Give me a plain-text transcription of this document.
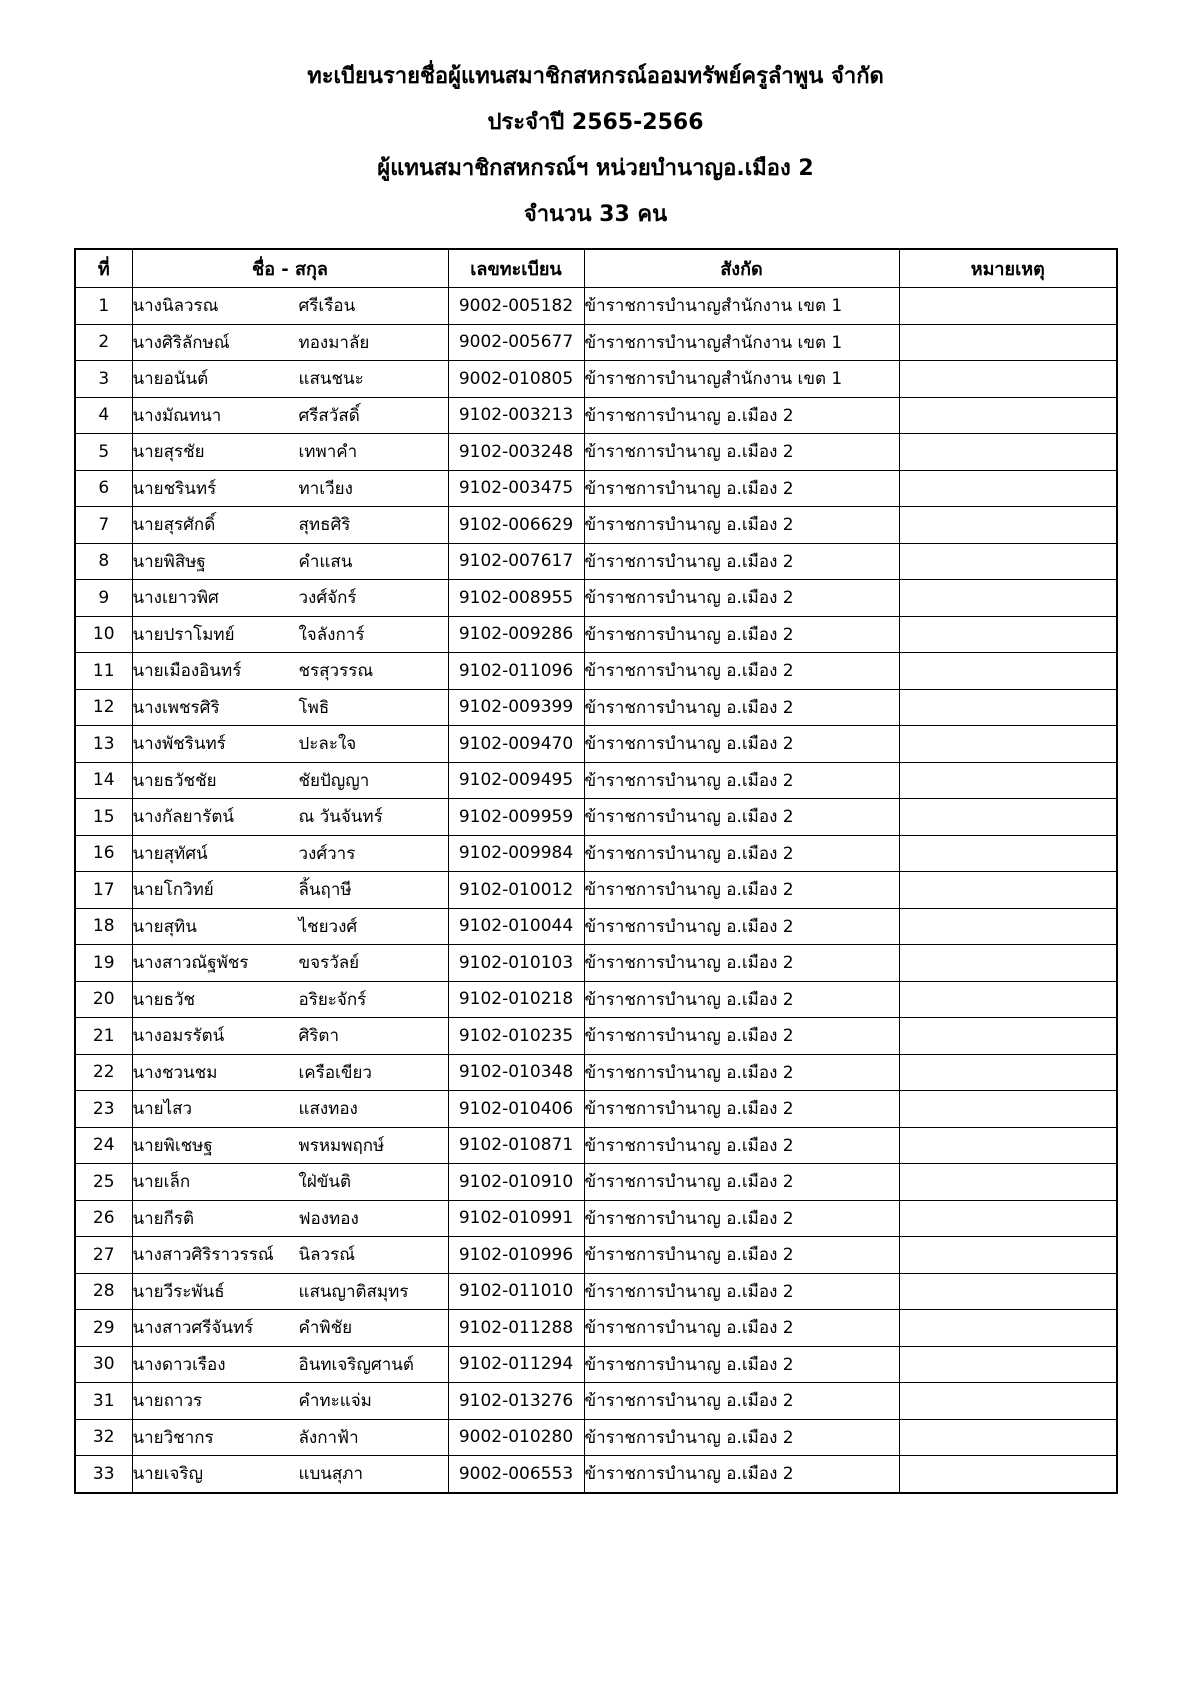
ทะเบียนรายชื่อผู้แทนสมาชิกสหกรณ์ออมทรัพย์ครูลำพูน จำกัด
ประจำปี 2565-2566
ผู้แทนสมาชิกสหกรณ์ฯ หน่วยบำนาญอ.เมือง 2
จำนวน 33 คน
ที่	ชื่อ - สกุล	เลขทะเบียน	สังกัด	หมายเหตุ
1	นางนิลวรณ ศรีเรือน	9002-005182	ข้าราชการบำนาญสำนักงาน เขต 1	
2	นางศิริลักษณ์ ทองมาลัย	9002-005677	ข้าราชการบำนาญสำนักงาน เขต 1	
3	นายอนันต์ แสนชนะ	9002-010805	ข้าราชการบำนาญสำนักงาน เขต 1	
4	นางมัณทนา ศรีสวัสดิ์	9102-003213	ข้าราชการบำนาญ อ.เมือง 2	
5	นายสุรชัย เทพาคำ	9102-003248	ข้าราชการบำนาญ อ.เมือง 2	
6	นายชรินทร์ ทาเวียง	9102-003475	ข้าราชการบำนาญ อ.เมือง 2	
7	นายสุรศักดิ์ สุทธศิริ	9102-006629	ข้าราชการบำนาญ อ.เมือง 2	
8	นายพิสิษฐ คำแสน	9102-007617	ข้าราชการบำนาญ อ.เมือง 2	
9	นางเยาวพิศ วงศ์จักร์	9102-008955	ข้าราชการบำนาญ อ.เมือง 2	
10	นายปราโมทย์ ใจลังการ์	9102-009286	ข้าราชการบำนาญ อ.เมือง 2	
11	นายเมืองอินทร์ ชรสุวรรณ	9102-011096	ข้าราชการบำนาญ อ.เมือง 2	
12	นางเพชรศิริ โพธิ	9102-009399	ข้าราชการบำนาญ อ.เมือง 2	
13	นางพัชรินทร์ ปะละใจ	9102-009470	ข้าราชการบำนาญ อ.เมือง 2	
14	นายธวัชชัย ชัยปัญญา	9102-009495	ข้าราชการบำนาญ อ.เมือง 2	
15	นางกัลยารัตน์ ณ วันจันทร์	9102-009959	ข้าราชการบำนาญ อ.เมือง 2	
16	นายสุทัศน์ วงศ์วาร	9102-009984	ข้าราชการบำนาญ อ.เมือง 2	
17	นายโกวิทย์ ลิ้นฤาษี	9102-010012	ข้าราชการบำนาญ อ.เมือง 2	
18	นายสุทิน ไชยวงศ์	9102-010044	ข้าราชการบำนาญ อ.เมือง 2	
19	นางสาวณัฐพัชร ขจรวัลย์	9102-010103	ข้าราชการบำนาญ อ.เมือง 2	
20	นายธวัช อริยะจักร์	9102-010218	ข้าราชการบำนาญ อ.เมือง 2	
21	นางอมรรัตน์ ศิริตา	9102-010235	ข้าราชการบำนาญ อ.เมือง 2	
22	นางชวนชม เครือเขียว	9102-010348	ข้าราชการบำนาญ อ.เมือง 2	
23	นายไสว แสงทอง	9102-010406	ข้าราชการบำนาญ อ.เมือง 2	
24	นายพิเชษฐ พรหมพฤกษ์	9102-010871	ข้าราชการบำนาญ อ.เมือง 2	
25	นายเล็ก ใฝ่ขันติ	9102-010910	ข้าราชการบำนาญ อ.เมือง 2	
26	นายกีรติ ฟองทอง	9102-010991	ข้าราชการบำนาญ อ.เมือง 2	
27	นางสาวศิริราวรรณ์ นิลวรณ์	9102-010996	ข้าราชการบำนาญ อ.เมือง 2	
28	นายวีระพันธ์ แสนญาติสมุทร	9102-011010	ข้าราชการบำนาญ อ.เมือง 2	
29	นางสาวศรีจันทร์ คำพิชัย	9102-011288	ข้าราชการบำนาญ อ.เมือง 2	
30	นางดาวเรือง อินทเจริญศานต์	9102-011294	ข้าราชการบำนาญ อ.เมือง 2	
31	นายถาวร คำทะแจ่ม	9102-013276	ข้าราชการบำนาญ อ.เมือง 2	
32	นายวิชากร ลังกาฟ้า	9002-010280	ข้าราชการบำนาญ อ.เมือง 2	
33	นายเจริญ แบนสุภา	9002-006553	ข้าราชการบำนาญ อ.เมือง 2	
